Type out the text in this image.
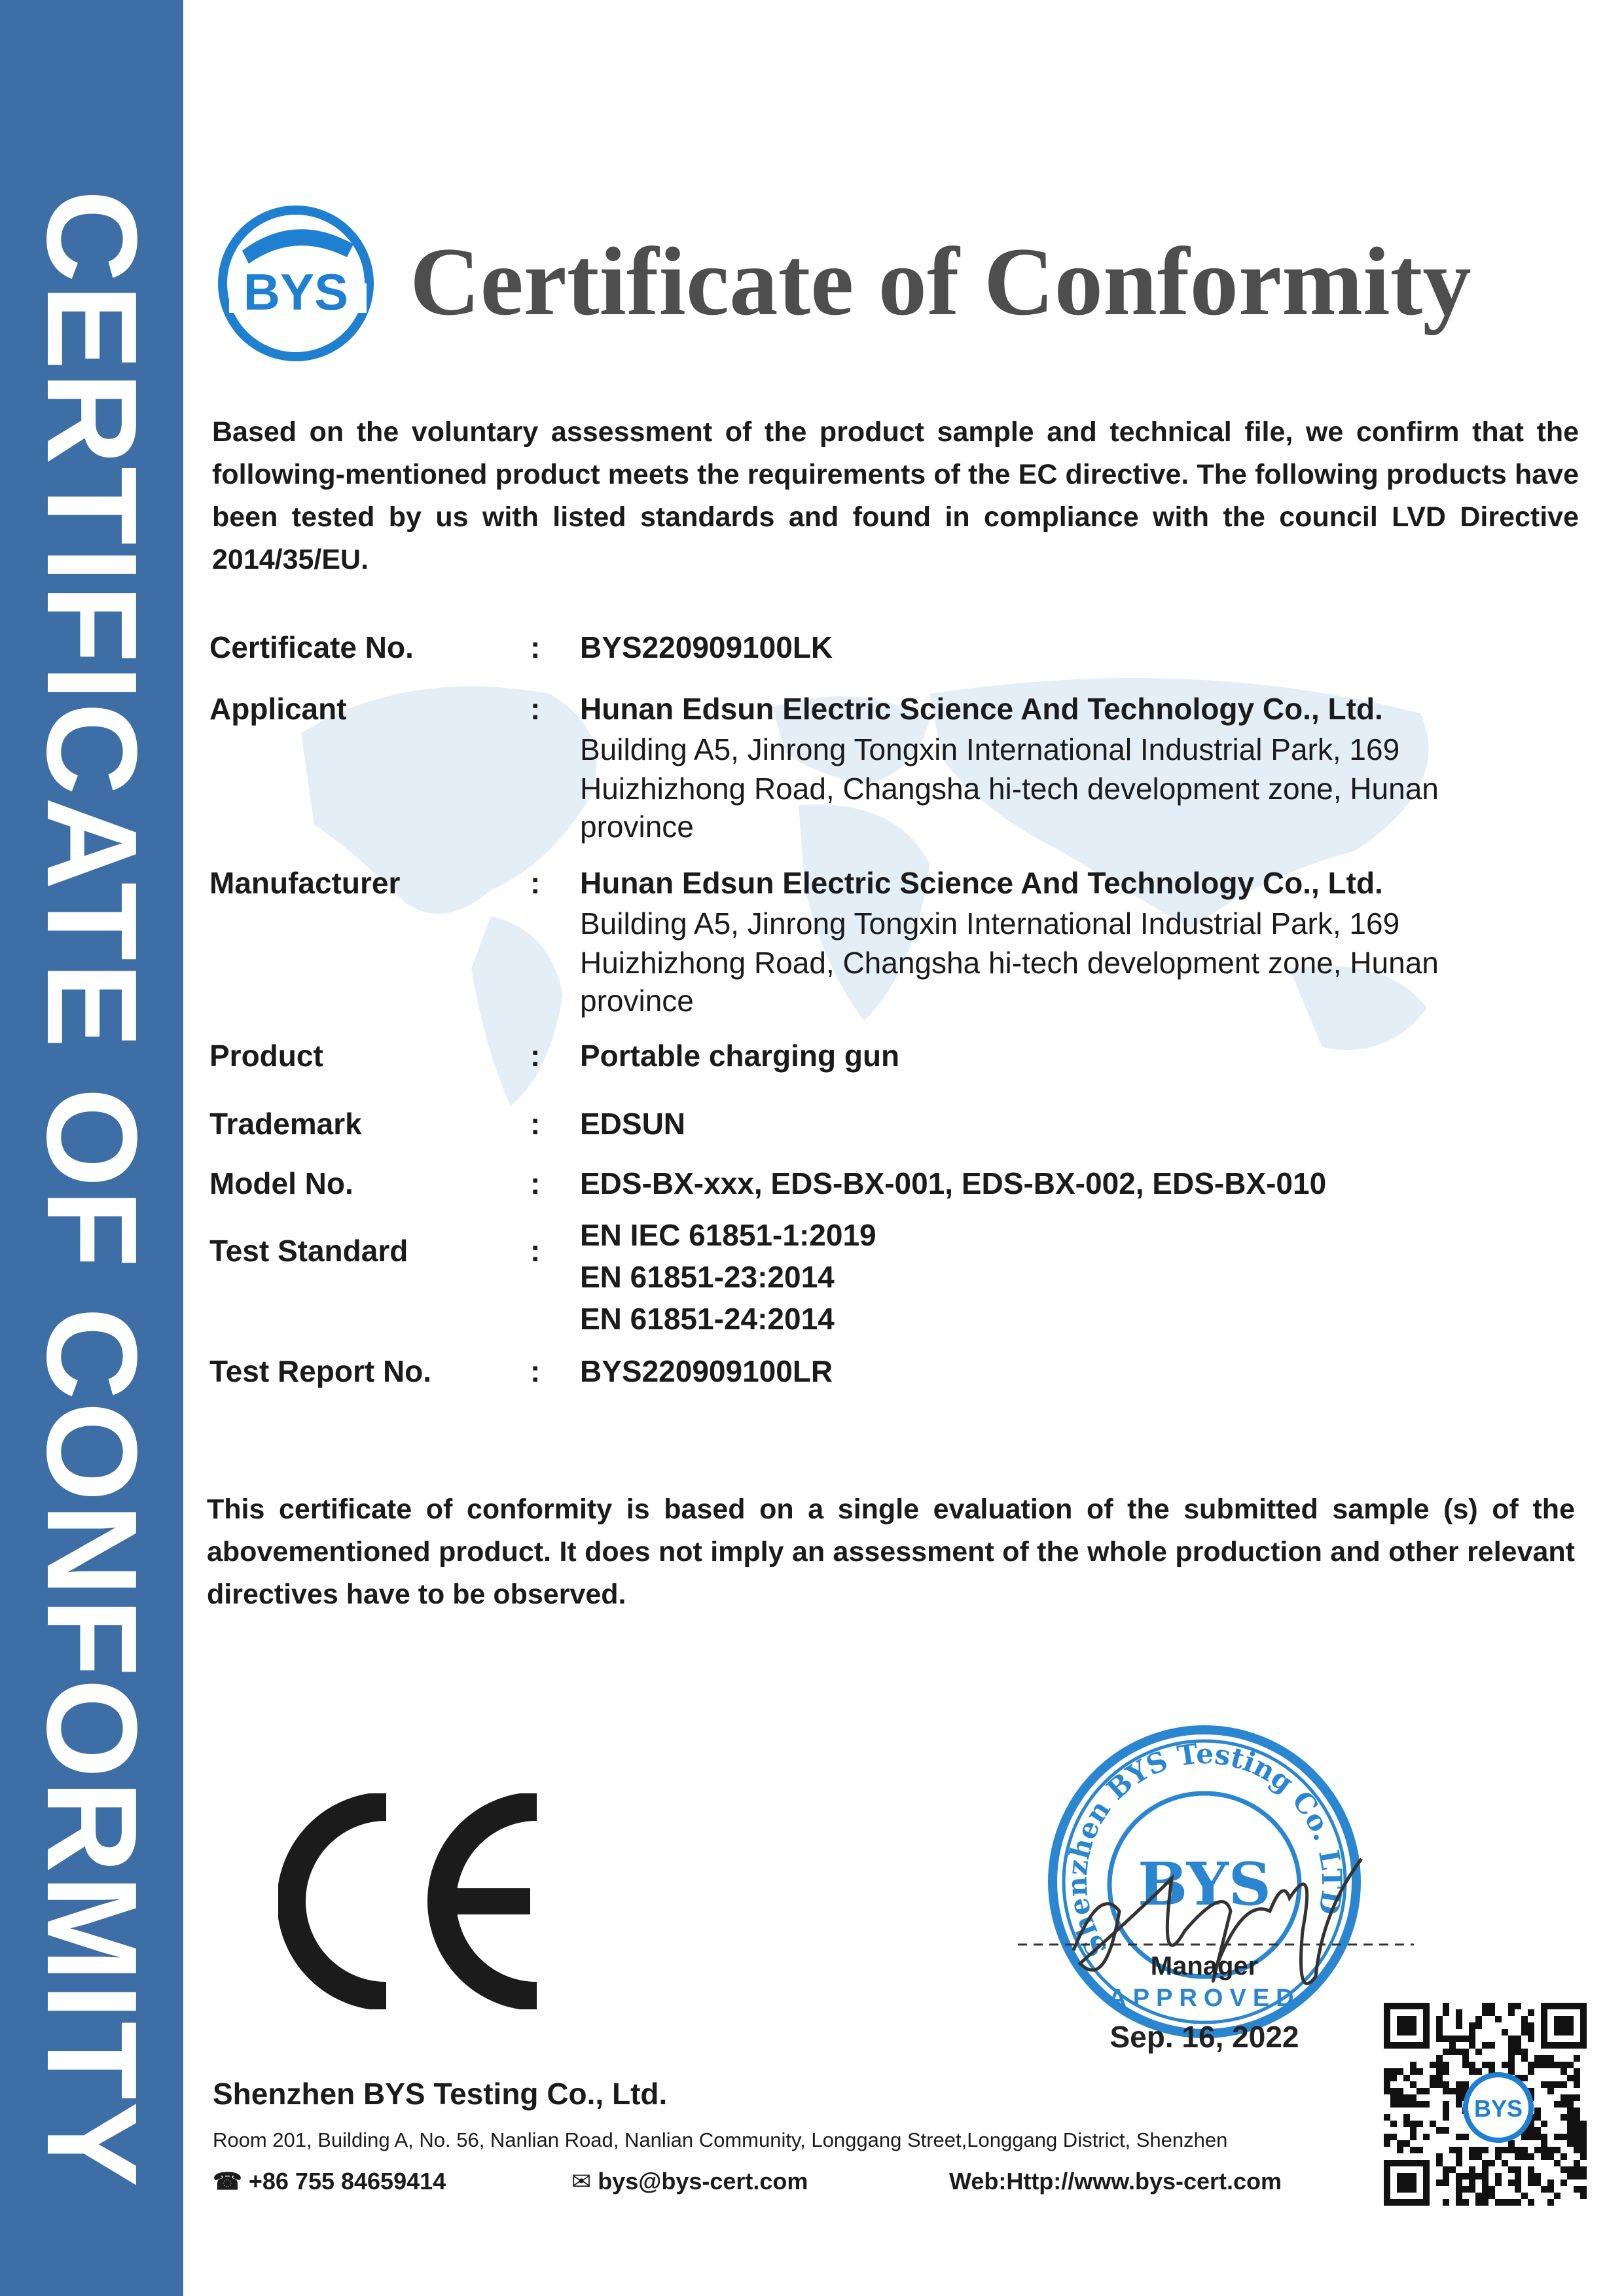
CERTIFICATE OF CONFORMITY BYS Certificate of Conformity
Based on the voluntary assessment of the product sample and technical file, we confirm that the following-mentioned product meets the requirements of the EC directive. The following products have been tested by us with listed standards and found in compliance with the council LVD Directive 2014/35/EU.
Certificate No.	: BYS220909100LK
Applicant	: Hunan Edsun Electric Science And Technology Co., Ltd.
Building A5, Jinrong Tongxin International Industrial Park, 169
Huizhizhong Road, Changsha hi-tech development zone, Hunan
province
Manufacturer	: Hunan Edsun Electric Science And Technology Co., Ltd.
Building A5, Jinrong Tongxin International Industrial Park, 169
Huizhizhong Road, Changsha hi-tech development zone, Hunan
province
Product	: Portable charging gun
Trademark	: EDSUN
Model No.	: EDS-BX-xxx, EDS-BX-001, EDS-BX-002, EDS-BX-010
Test Standard	: EN IEC 61851-1:2019
EN 61851-23:2014
EN 61851-24:2014
Test Report No.	: BYS220909100LR
This certificate of conformity is based on a single evaluation of the submitted sample (s) of the abovementioned product. It does not imply an assessment of the whole production and other relevant directives have to be observed.
Shenzhen BYS Testing Co. LTD
BYS
APPROVED
Manager
Sep. 16, 2022
BYS
Shenzhen BYS Testing Co., Ltd.
Room 201, Building A, No. 56, Nanlian Road, Nanlian Community, Longgang Street,Longgang District, Shenzhen
☎ +86 755 84659414	✉ bys@bys-cert.com	Web:Http://www.bys-cert.com
